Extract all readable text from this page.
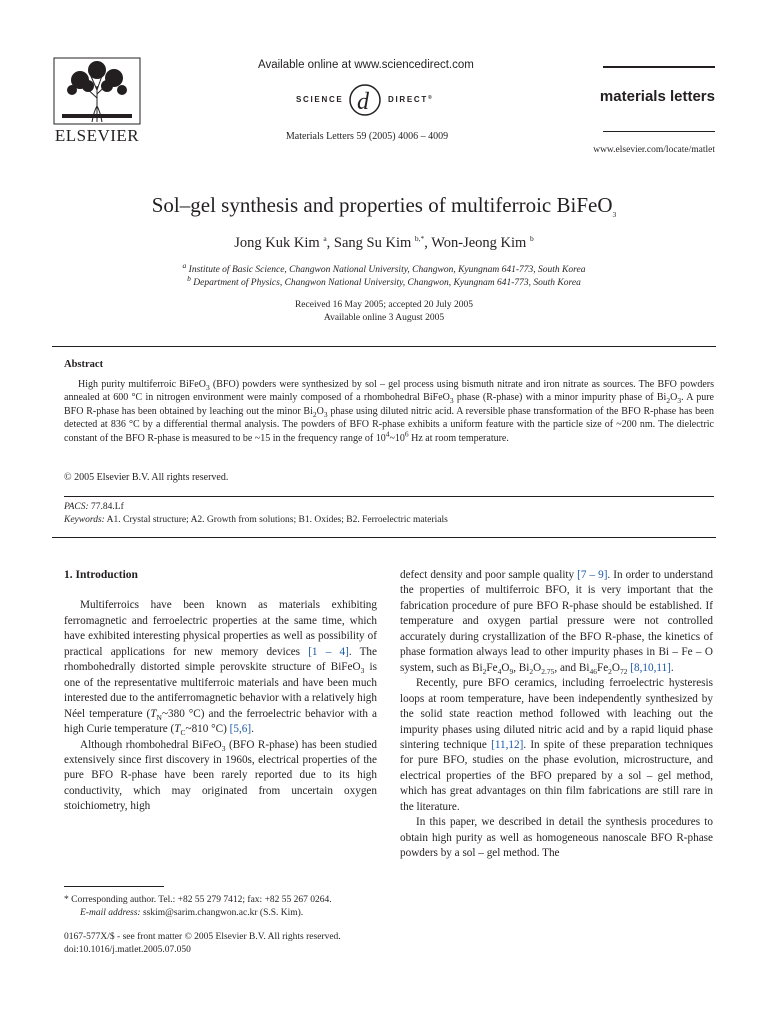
ELSEVIER
Available online at www.sciencedirect.com
SCIENCE d DIRECT®
Materials Letters 59 (2005) 4006 – 4009
materials letters
www.elsevier.com/locate/matlet
Sol–gel synthesis and properties of multiferroic BiFeO$_3$
Jong Kuk Kim $^a$, Sang Su Kim $^{b,*}$, Won-Jeong Kim $^b$
$^a$ Institute of Basic Science, Changwon National University, Changwon, Kyungnam 641-773, South Korea
$^b$ Department of Physics, Changwon National University, Changwon, Kyungnam 641-773, South Korea
Received 16 May 2005; accepted 20 July 2005
Available online 3 August 2005
Abstract

High purity multiferroic BiFeO$_3$ (BFO) powders were synthesized by sol – gel process using bismuth nitrate and iron nitrate as sources. The BFO powders annealed at 600 °C in nitrogen environment were mainly composed of a rhombohedral BiFeO$_3$ phase (R-phase) with a minor impurity phase of $Bi_2O_3$. A pure BFO R-phase has been obtained by leaching out the minor $Bi_2O_3$ phase using diluted nitric acid. A reversible phase transformation of the BFO R-phase has been detected at 836 °C by a differential thermal analysis. The powders of BFO R-phase exhibits a uniform feature with the particle size of ~200 nm. The dielectric constant of the BFO R-phase is measured to be ~15 in the frequency range of $10^4\sim 10^6$ Hz at room temperature.

© 2005 Elsevier B.V. All rights reserved.
PACS: 77.84.Lf
Keywords: A1. Crystal structure; A2. Growth from solutions; B1. Oxides; B2. Ferroelectric materials
1. Introduction

Multiferroics have been known as materials exhibiting ferromagnetic and ferroelectric properties at the same time, which have exhibited interesting physical properties as well as possibility of practical applications for new memory devices [1 – 4]. The rhombohedrally distorted simple perovskite structure of BiFeO$_3$ is one of the representative multiferroic materials and have been much interested due to the antiferromagnetic behavior with a relatively high Néel temperature ($T_N\sim 380$ °C) and the ferroelectric behavior with a high Curie temperature ($T_C\sim 810$ °C) [5,6].

Although rhombohedral BiFeO$_3$ (BFO R-phase) has been studied extensively since first discovery in 1960s, electrical properties of the pure BFO R-phase have been rarely reported due to its high conductivity, which may originated from uncertain oxygen stoichiometry, high

defect density and poor sample quality [7 – 9]. In order to understand the properties of multiferroic BFO, it is very important that the fabrication procedure of pure BFO R-phase should be established. If temperature and oxygen partial pressure were not controlled accurately during crystallization of the BFO R-phase, the kinetics of phase formation always lead to other impurity phases in Bi – Fe – O system, such as $Bi_2Fe_4O_9$, $Bi_2O_{2.75}$, and $Bi_{46}Fe_2O_{72}$ [8,10,11].

Recently, pure BFO ceramics, including ferroelectric hysteresis loops at room temperature, have been independently synthesized by the solid state reaction method followed with leaching out the impurity phases using diluted nitric acid and by a rapid liquid phase sintering technique [11,12]. In spite of these preparation techniques for pure BFO, studies on the phase evolution, microstructure, and electrical properties of the BFO prepared by a sol – gel method, which has great advantages on thin film fabrications are still rare in the literature.

In this paper, we described in detail the synthesis procedures to obtain high purity as well as homogeneous nanoscale BFO R-phase powders by a sol – gel method. The

* Corresponding author. Tel.: +82 55 279 7412; fax: +82 55 267 0264.
E-mail address: sskim@sarim.changwon.ac.kr (S.S. Kim).
0167-577X/$ - see front matter © 2005 Elsevier B.V. All rights reserved.
doi:10.1016/j.matlet.2005.07.050
